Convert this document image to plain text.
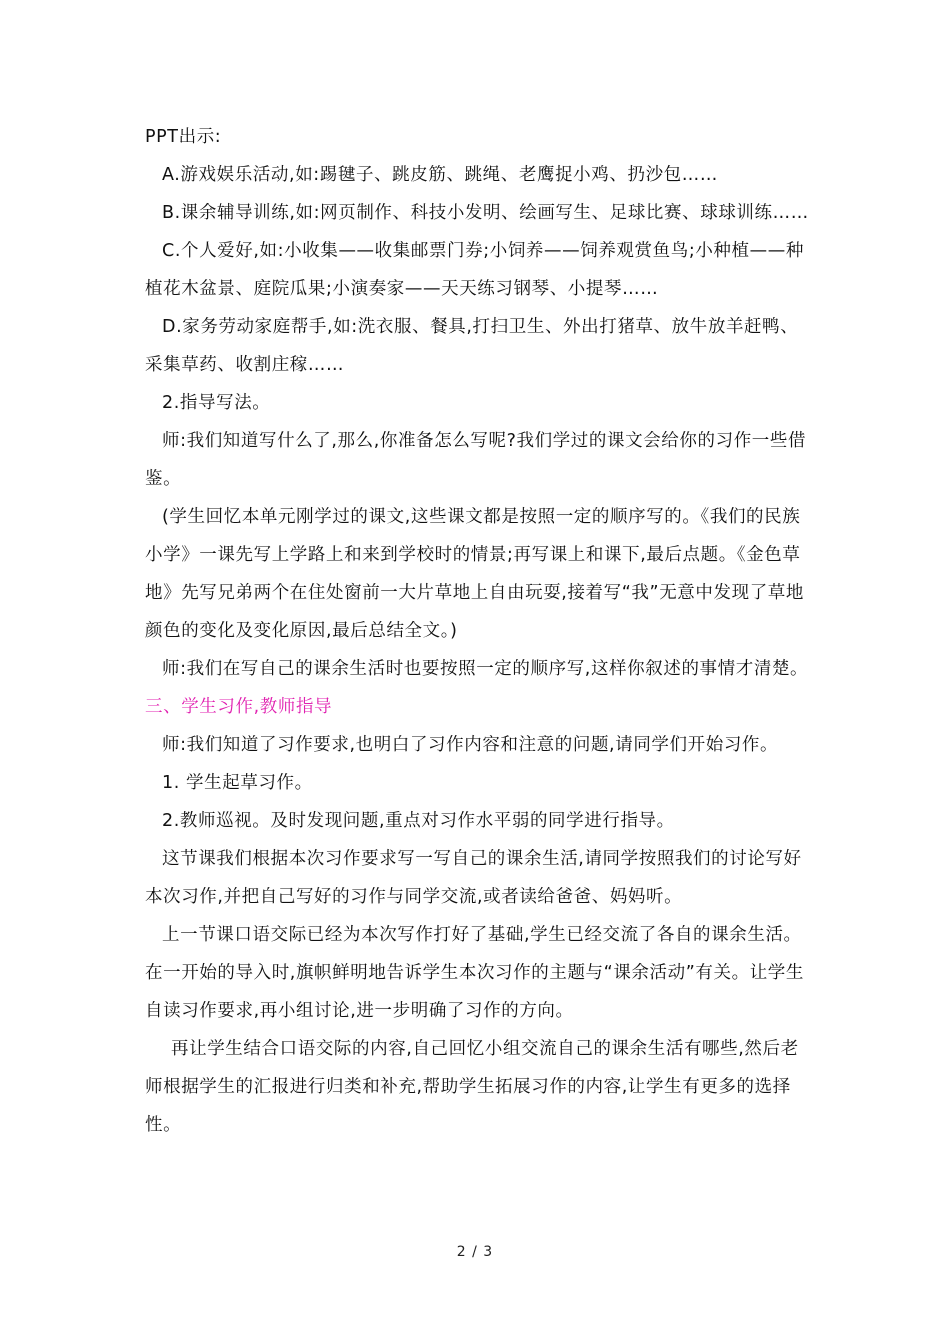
PPT出示:

A.游戏娱乐活动,如:踢毽子、跳皮筋、跳绳、老鹰捉小鸡、扔沙包……

B.课余辅导训练,如:网页制作、科技小发明、绘画写生、足球比赛、球球训练……

C.个人爱好,如:小收集——收集邮票门券;小饲养——饲养观赏鱼鸟;小种植——种植花木盆景、庭院瓜果;小演奏家——天天练习钢琴、小提琴……

D.家务劳动家庭帮手,如:洗衣服、餐具,打扫卫生、外出打猪草、放牛放羊赶鸭、采集草药、收割庄稼……

2.指导写法。

师:我们知道写什么了,那么,你准备怎么写呢?我们学过的课文会给你的习作一些借鉴。

(学生回忆本单元刚学过的课文,这些课文都是按照一定的顺序写的。《我们的民族小学》一课先写上学路上和来到学校时的情景;再写课上和课下,最后点题。《金色草地》先写兄弟两个在住处窗前一大片草地上自由玩耍,接着写“我”无意中发现了草地颜色的变化及变化原因,最后总结全文。)

师:我们在写自己的课余生活时也要按照一定的顺序写,这样你叙述的事情才清楚。

三、学生习作,教师指导

师:我们知道了习作要求,也明白了习作内容和注意的问题,请同学们开始习作。

1. 学生起草习作。

2.教师巡视。及时发现问题,重点对习作水平弱的同学进行指导。

这节课我们根据本次习作要求写一写自己的课余生活,请同学按照我们的讨论写好本次习作,并把自己写好的习作与同学交流,或者读给爸爸、妈妈听。

上一节课口语交际已经为本次写作打好了基础,学生已经交流了各自的课余生活。在一开始的导入时,旗帜鲜明地告诉学生本次习作的主题与“课余活动”有关。让学生自读习作要求,再小组讨论,进一步明确了习作的方向。

再让学生结合口语交际的内容,自己回忆小组交流自己的课余生活有哪些,然后老师根据学生的汇报进行归类和补充,帮助学生拓展习作的内容,让学生有更多的选择性。

2 / 3
